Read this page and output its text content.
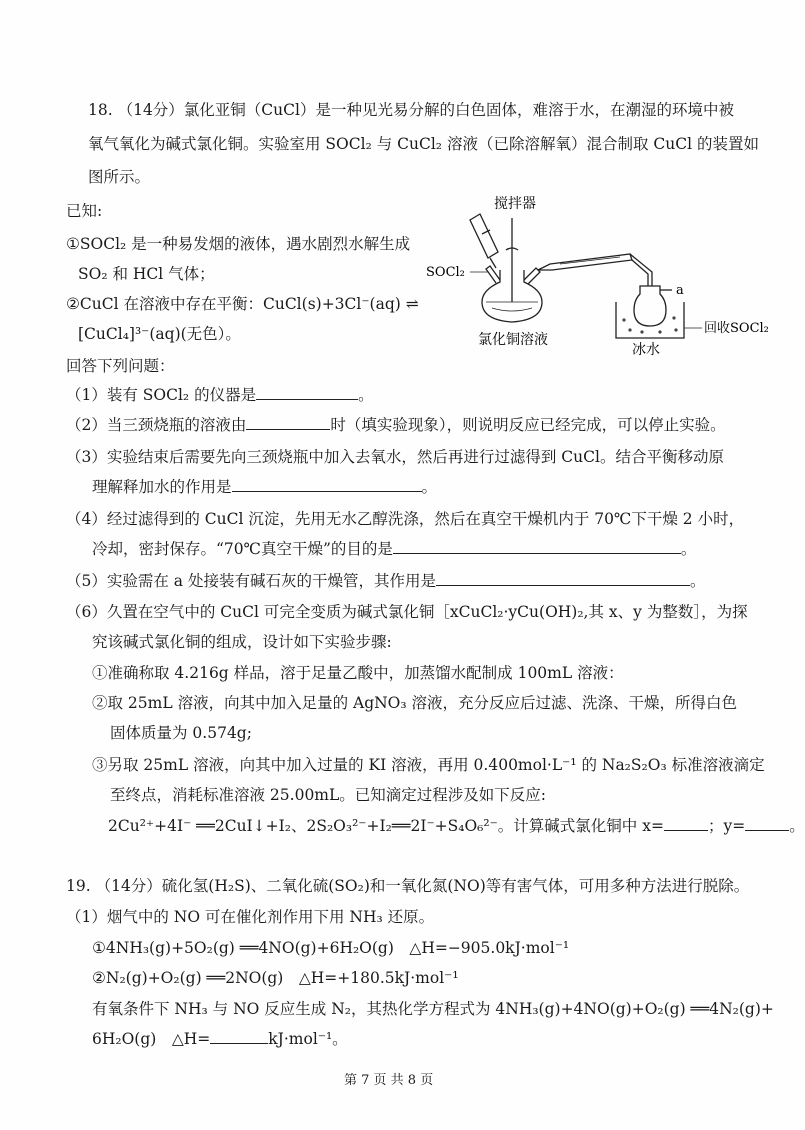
18. （14分）氯化亚铜（CuCl）是一种见光易分解的白色固体，难溶于水，在潮湿的环境中被
氧气氧化为碱式氯化铜。实验室用 SOCl₂ 与 CuCl₂ 溶液（已除溶解氧）混合制取 CuCl 的装置如
图所示。
已知:
①SOCl₂ 是一种易发烟的液体，遇水剧烈水解生成
SO₂ 和 HCl 气体；
②CuCl 在溶液中存在平衡：CuCl(s)+3Cl⁻(aq) ⇌
[CuCl₄]³⁻(aq)(无色）。
回答下列问题：
搅拌器
SOCl₂
氯化铜溶液
a
回收SOCl₂
冰水
（1）装有 SOCl₂ 的仪器是	。
（2）当三颈烧瓶的溶液由	时（填实验现象），则说明反应已经完成，可以停止实验。
（3）实验结束后需要先向三颈烧瓶中加入去氧水，然后再进行过滤得到 CuCl。结合平衡移动原
理解释加水的作用是	。
（4）经过滤得到的 CuCl 沉淀，先用无水乙醇洗涤，然后在真空干燥机内于 70℃下干燥 2 小时，
冷却，密封保存。“70℃真空干燥”的目的是	。
（5）实验需在 a 处接装有碱石灰的干燥管，其作用是	。
（6）久置在空气中的 CuCl 可完全变质为碱式氯化铜［xCuCl₂·yCu(OH)₂,其 x、y 为整数］，为探
究该碱式氯化铜的组成，设计如下实验步骤:
①准确称取 4.216g 样品，溶于足量乙酸中，加蒸馏水配制成 100mL 溶液：
②取 25mL 溶液，向其中加入足量的 AgNO₃ 溶液，充分反应后过滤、洗涤、干燥，所得白色
固体质量为 0.574g;
③另取 25mL 溶液，向其中加入过量的 KI 溶液，再用 0.400mol·L⁻¹ 的 Na₂S₂O₃ 标准溶液滴定
至终点，消耗标准溶液 25.00mL。已知滴定过程涉及如下反应:
2Cu²⁺+4I⁻ ══2CuI↓+I₂、2S₂O₃²⁻+I₂══2I⁻+S₄O₆²⁻。计算碱式氯化铜中 x=	；y=	。
19. （14分）硫化氢(H₂S)、二氧化硫(SO₂)和一氧化氮(NO)等有害气体，可用多种方法进行脱除。
（1）烟气中的 NO 可在催化剂作用下用 NH₃ 还原。
①4NH₃(g)+5O₂(g) ══4NO(g)+6H₂O(g)　△H=−905.0kJ·mol⁻¹
②N₂(g)+O₂(g) ══2NO(g)　△H=+180.5kJ·mol⁻¹
有氧条件下 NH₃ 与 NO 反应生成 N₂，其热化学方程式为 4NH₃(g)+4NO(g)+O₂(g) ══4N₂(g)+
6H₂O(g)　△H=	kJ·mol⁻¹。
第 7 页 共 8 页
